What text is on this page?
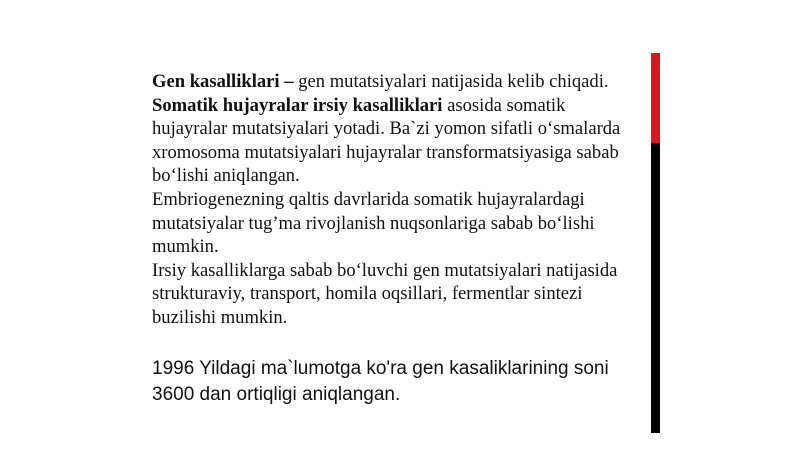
Gen kasalliklari – gen mutatsiyalari natijasida kelib chiqadi.

Somatik hujayralar irsiy kasalliklari asosida somatik hujayralar mutatsiyalari yotadi. Ba`zi yomon sifatli oʻsmalarda xromosoma mutatsiyalari hujayralar transformatsiyasiga sabab boʻlishi aniqlangan.

Embriogenezning qaltis davrlarida somatik hujayralardagi mutatsiyalar tugʼma rivojlanish nuqsonlariga sabab boʻlishi mumkin.

Irsiy kasalliklarga sabab boʻluvchi gen mutatsiyalari natijasida strukturaviy, transport, homila oqsillari, fermentlar sintezi buzilishi mumkin.

1996 Yildagi ma`lumotga ko'ra gen kasaliklarining soni 3600 dan ortiqligi aniqlangan.
